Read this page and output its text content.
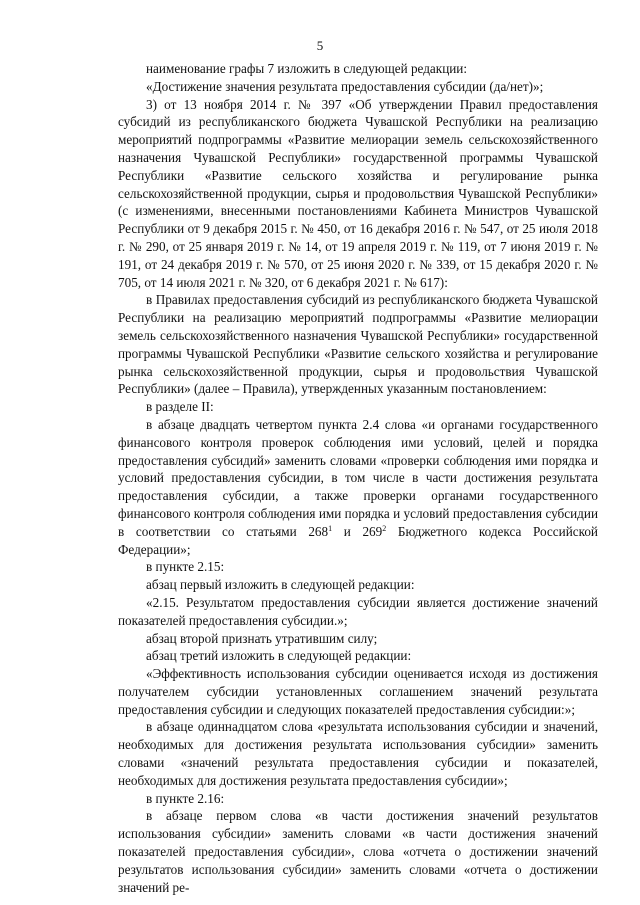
5

наименование графы 7 изложить в следующей редакции:

«Достижение значения результата предоставления субсидии (да/нет)»;

3) от 13 ноября 2014 г. № 397 «Об утверждении Правил предоставления субсидий из республиканского бюджета Чувашской Республики на реализацию мероприятий подпрограммы «Развитие мелиорации земель сельскохозяйственного назначения Чувашской Республики» государственной программы Чувашской Республики «Развитие сельского хозяйства и регулирование рынка сельскохозяйственной продукции, сырья и продовольствия Чувашской Республики» (с изменениями, внесенными постановлениями Кабинета Министров Чувашской Республики от 9 декабря 2015 г. № 450, от 16 декабря 2016 г. № 547, от 25 июля 2018 г. № 290, от 25 января 2019 г. № 14, от 19 апреля 2019 г. № 119, от 7 июня 2019 г. № 191, от 24 декабря 2019 г. № 570, от 25 июня 2020 г. № 339, от 15 декабря 2020 г. № 705, от 14 июля 2021 г. № 320, от 6 декабря 2021 г. № 617):

в Правилах предоставления субсидий из республиканского бюджета Чувашской Республики на реализацию мероприятий подпрограммы «Развитие мелиорации земель сельскохозяйственного назначения Чувашской Республики» государственной программы Чувашской Республики «Развитие сельского хозяйства и регулирование рынка сельскохозяйственной продукции, сырья и продовольствия Чувашской Республики» (далее – Правила), утвержденных указанным постановлением:

в разделе II:

в абзаце двадцать четвертом пункта 2.4 слова «и органами государственного финансового контроля проверок соблюдения ими условий, целей и порядка предоставления субсидий» заменить словами «проверки соблюдения ими порядка и условий предоставления субсидии, в том числе в части достижения результата предоставления субсидии, а также проверки органами государственного финансового контроля соблюдения ими порядка и условий предоставления субсидии в соответствии со статьями $268^1$ и $269^2$ Бюджетного кодекса Российской Федерации»;

в пункте 2.15:

абзац первый изложить в следующей редакции:

«2.15. Результатом предоставления субсидии является достижение значений показателей предоставления субсидии.»;

абзац второй признать утратившим силу;

абзац третий изложить в следующей редакции:

«Эффективность использования субсидии оценивается исходя из достижения получателем субсидии установленных соглашением значений результата предоставления субсидии и следующих показателей предоставления субсидии:»;

в абзаце одиннадцатом слова «результата использования субсидии и значений, необходимых для достижения результата использования субсидии» заменить словами «значений результата предоставления субсидии и показателей, необходимых для достижения результата предоставления субсидии»;

в пункте 2.16:

в абзаце первом слова «в части достижения значений результатов использования субсидии» заменить словами «в части достижения значений показателей предоставления субсидии», слова «отчета о достижении значений результатов использования субсидии» заменить словами «отчета о достижении значений ре-
